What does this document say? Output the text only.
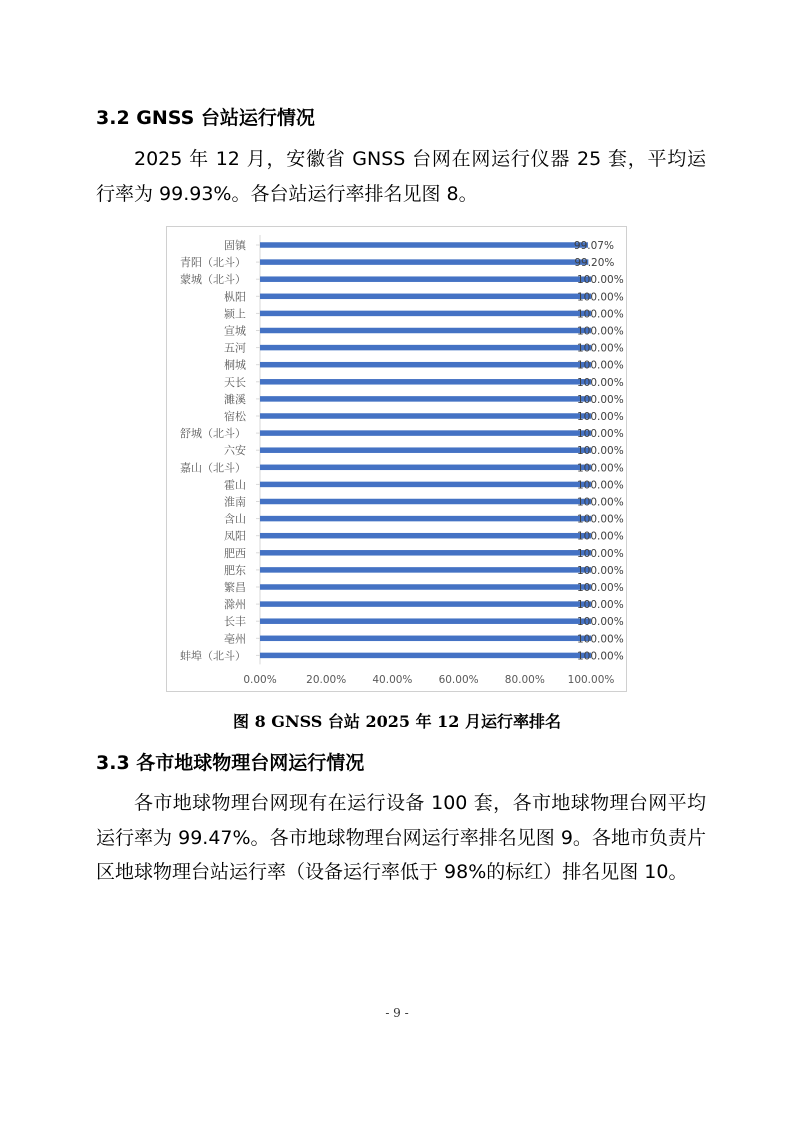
3.2 GNSS 台站运行情况
2025 年 12 月，安徽省 GNSS 台网在网运行仪器 25 套，平均运行率为 99.93%。各台站运行率排名见图 8。
固镇	99.07%
青阳（北斗）	99.20%
蒙城（北斗）	100.00%
枞阳	100.00%
颍上	100.00%
宣城	100.00%
五河	100.00%
桐城	100.00%
天长	100.00%
濉溪	100.00%
宿松	100.00%
舒城（北斗）	100.00%
六安	100.00%
嘉山（北斗）	100.00%
霍山	100.00%
淮南	100.00%
含山	100.00%
凤阳	100.00%
肥西	100.00%
肥东	100.00%
繁昌	100.00%
滁州	100.00%
长丰	100.00%
亳州	100.00%
蚌埠（北斗）	100.00%
0.00%	20.00% 40.00% 60.00% 80.00% 100.00%
图 8 GNSS 台站 2025 年 12 月运行率排名
3.3 各市地球物理台网运行情况
各市地球物理台网现有在运行设备 100 套，各市地球物理台网平均运行率为 99.47%。各市地球物理台网运行率排名见图 9。各地市负责片区地球物理台站运行率（设备运行率低于 98%的标红）排名见图 10。
- 9 -
